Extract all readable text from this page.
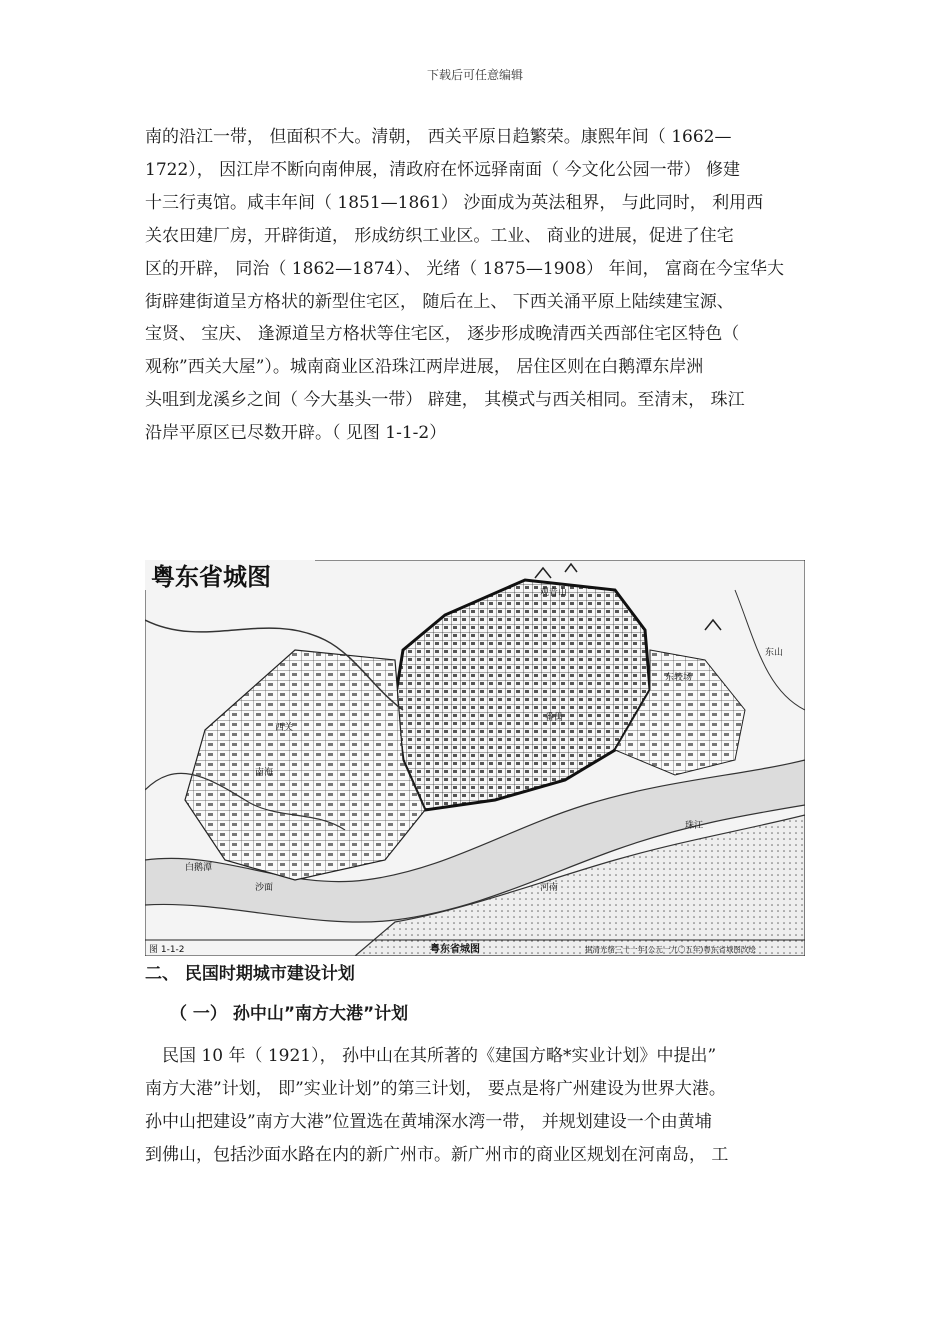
下载后可任意编辑
南的沿江一带， 但面积不大。清朝， 西关平原日趋繁荣。康熙年间（ 1662—
1722）， 因江岸不断向南伸展，清政府在怀远驿南面（ 今文化公园一带） 修建
十三行夷馆。咸丰年间（ 1851—1861） 沙面成为英法租界， 与此同时， 利用西
关农田建厂房，开辟街道， 形成纺织工业区。工业、 商业的进展，促进了住宅
区的开辟， 同治（ 1862—1874）、 光绪（ 1875—1908） 年间， 富商在今宝华大
街辟建街道呈方格状的新型住宅区， 随后在上、 下西关涌平原上陆续建宝源、
宝贤、 宝庆、 逢源道呈方格状等住宅区， 逐步形成晚清西关西部住宅区特色（
观称”西关大屋”）。城南商业区沿珠江两岸进展， 居住区则在白鹅潭东岸洲
头咀到龙溪乡之间（ 今大基头一带） 辟建， 其模式与西关相同。至清末， 珠江
沿岸平原区已尽数开辟。（ 见图 1-1-2）
粤东省城图
观音山
西关
南海
番禺
河南
东较场
东山
沙面
珠江
白鹅潭
图 1-1-2	粤东省城图	据清光绪三十一年(公元一九〇五年)粤东省城图改绘
二、 民国时期城市建设计划
（ 一） 孙中山”南方大港”计划
　民国 10 年（ 1921）， 孙中山在其所著的《建国方略*实业计划》中提出”
南方大港”计划， 即”实业计划”的第三计划， 要点是将广州建设为世界大港。
孙中山把建设”南方大港”位置选在黄埔深水湾一带， 并规划建设一个由黄埔
到佛山，包括沙面水路在内的新广州市。新广州市的商业区规划在河南岛， 工
